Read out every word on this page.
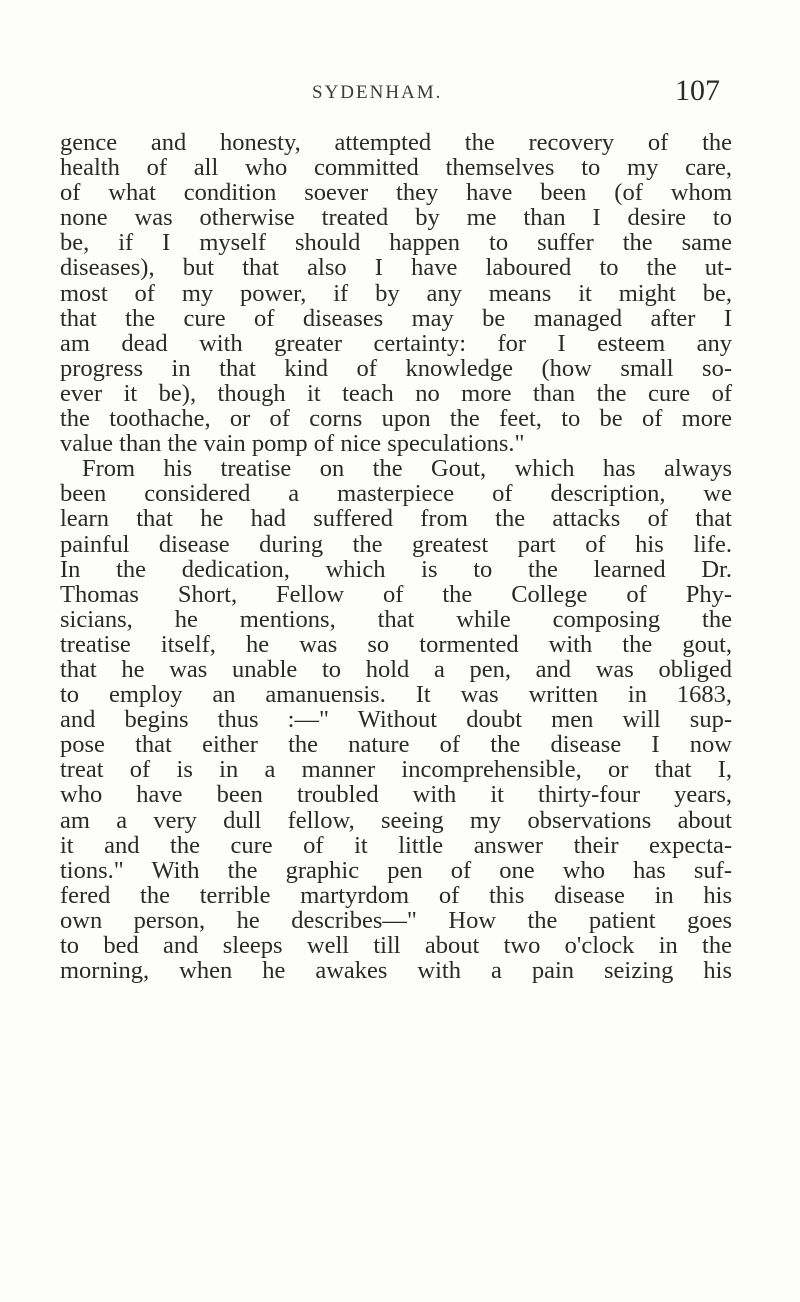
SYDENHAM.	107
gence and honesty, attempted the recovery of the
health of all who committed themselves to my care,
of what condition soever they have been (of whom
none was otherwise treated by me than I desire to
be, if I myself should happen to suffer the same
diseases), but that also I have laboured to the ut-
most of my power, if by any means it might be,
that the cure of diseases may be managed after I
am dead with greater certainty: for I esteem any
progress in that kind of knowledge (how small so-
ever it be), though it teach no more than the cure of
the toothache, or of corns upon the feet, to be of more
value than the vain pomp of nice speculations."
From his treatise on the Gout, which has always
been considered a masterpiece of description, we
learn that he had suffered from the attacks of that
painful disease during the greatest part of his life.
In the dedication, which is to the learned Dr.
Thomas Short, Fellow of the College of Phy-
sicians, he mentions, that while composing the
treatise itself, he was so tormented with the gout,
that he was unable to hold a pen, and was obliged
to employ an amanuensis. It was written in 1683,
and begins thus :—" Without doubt men will sup-
pose that either the nature of the disease I now
treat of is in a manner incomprehensible, or that I,
who have been troubled with it thirty-four years,
am a very dull fellow, seeing my observations about
it and the cure of it little answer their expecta-
tions." With the graphic pen of one who has suf-
fered the terrible martyrdom of this disease in his
own person, he describes—" How the patient goes
to bed and sleeps well till about two o'clock in the
morning, when he awakes with a pain seizing his
